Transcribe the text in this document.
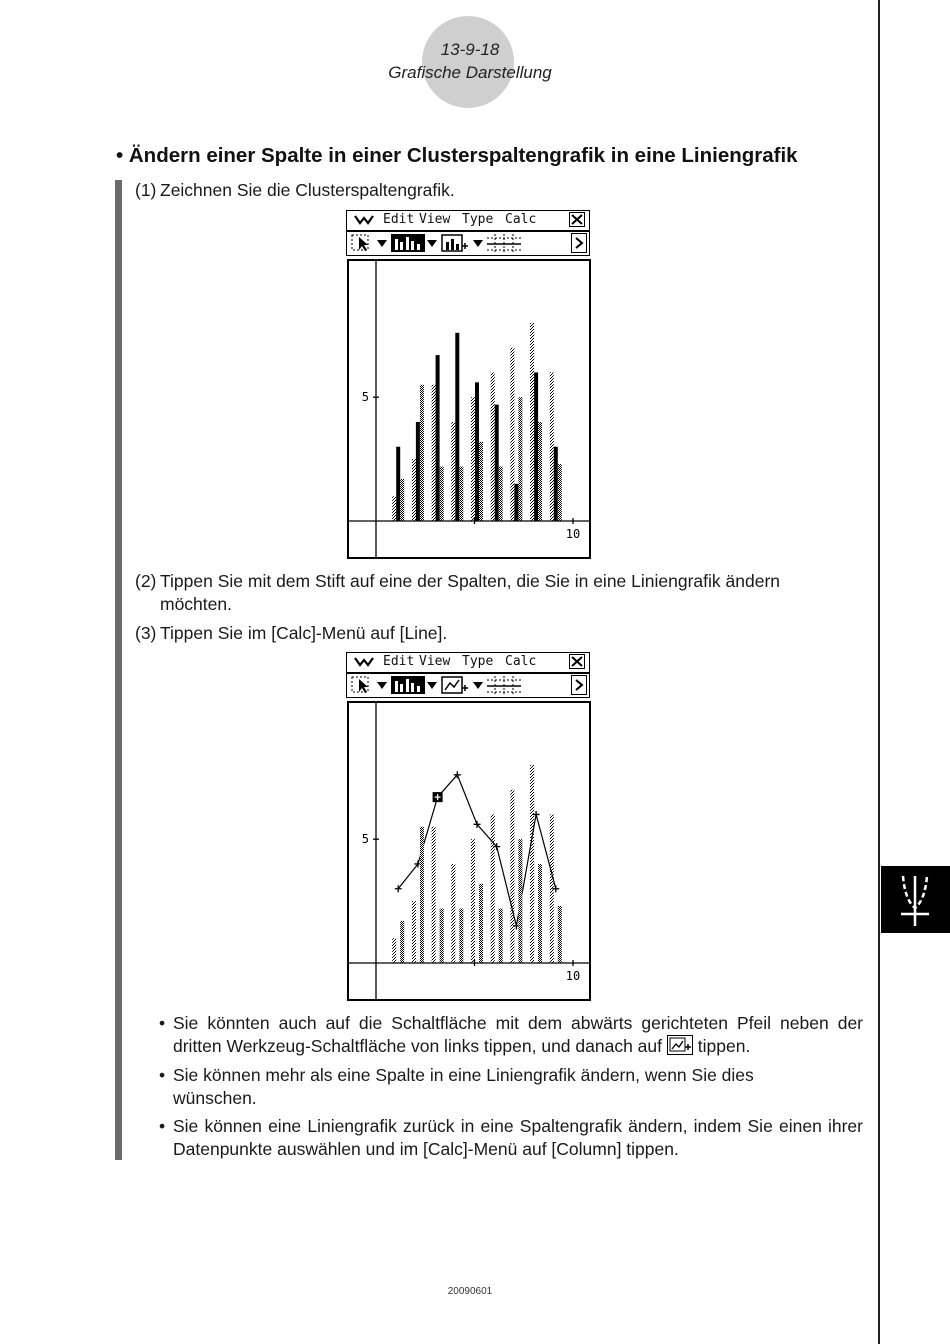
13-9-18
Grafische Darstellung
• Ändern einer Spalte in einer Clusterspaltengrafik in eine Liniengrafik
(1) Zeichnen Sie die Clusterspaltengrafik.
Edit View Type Calc
5
10
(2) Tippen Sie mit dem Stift auf eine der Spalten, die Sie in eine Liniengrafik ändern
möchten.
(3) Tippen Sie im [Calc]-Menü auf [Line].
Edit View Type Calc
5
10
• Sie könnten auch auf die Schaltfläche mit dem abwärts gerichteten Pfeil neben der
dritten Werkzeug-Schaltfläche von links tippen, und danach auf tippen.
• Sie können mehr als eine Spalte in eine Liniengrafik ändern, wenn Sie dies
wünschen.
• Sie können eine Liniengrafik zurück in eine Spaltengrafik ändern, indem Sie einen ihrer
Datenpunkte auswählen und im [Calc]-Menü auf [Column] tippen.
20090601
